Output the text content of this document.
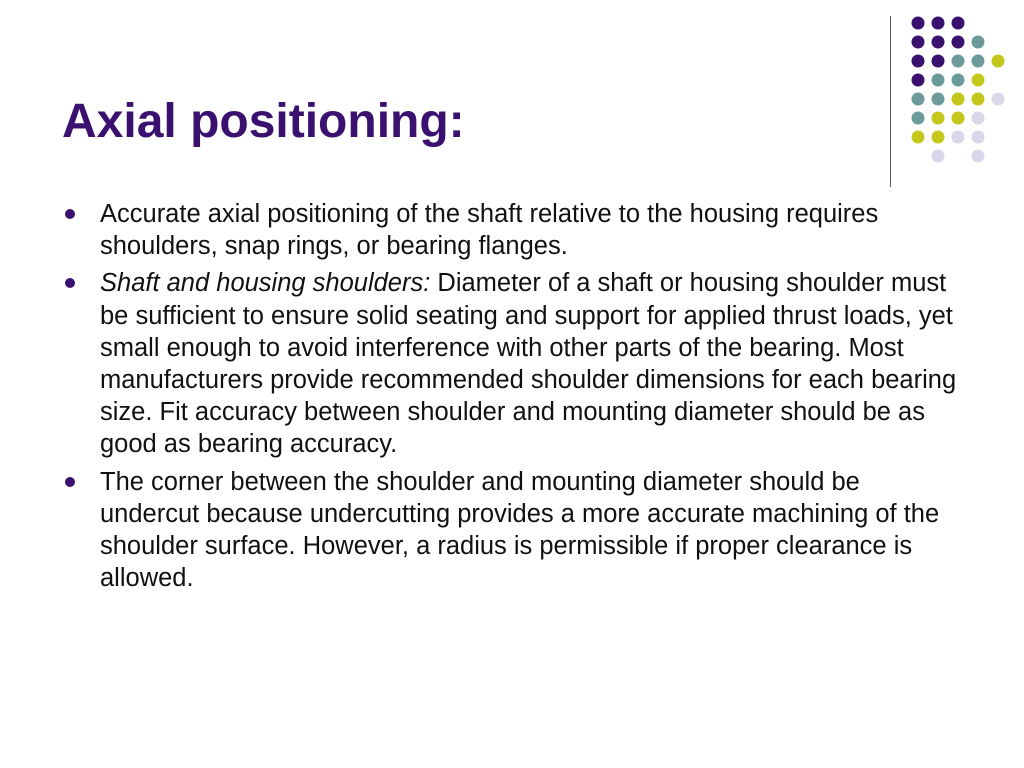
Axial positioning:
Accurate axial positioning of the shaft relative to the housing requires shoulders, snap rings, or bearing flanges.
Shaft and housing shoulders: Diameter of a shaft or housing shoulder must be sufficient to ensure solid seating and support for applied thrust loads, yet small enough to avoid interference with other parts of the bearing. Most manufacturers provide recommended shoulder dimensions for each bearing size. Fit accuracy between shoulder and mounting diameter should be as good as bearing accuracy.
The corner between the shoulder and mounting diameter should be undercut because undercutting provides a more accurate machining of the shoulder surface. However, a radius is permissible if proper clearance is allowed.
